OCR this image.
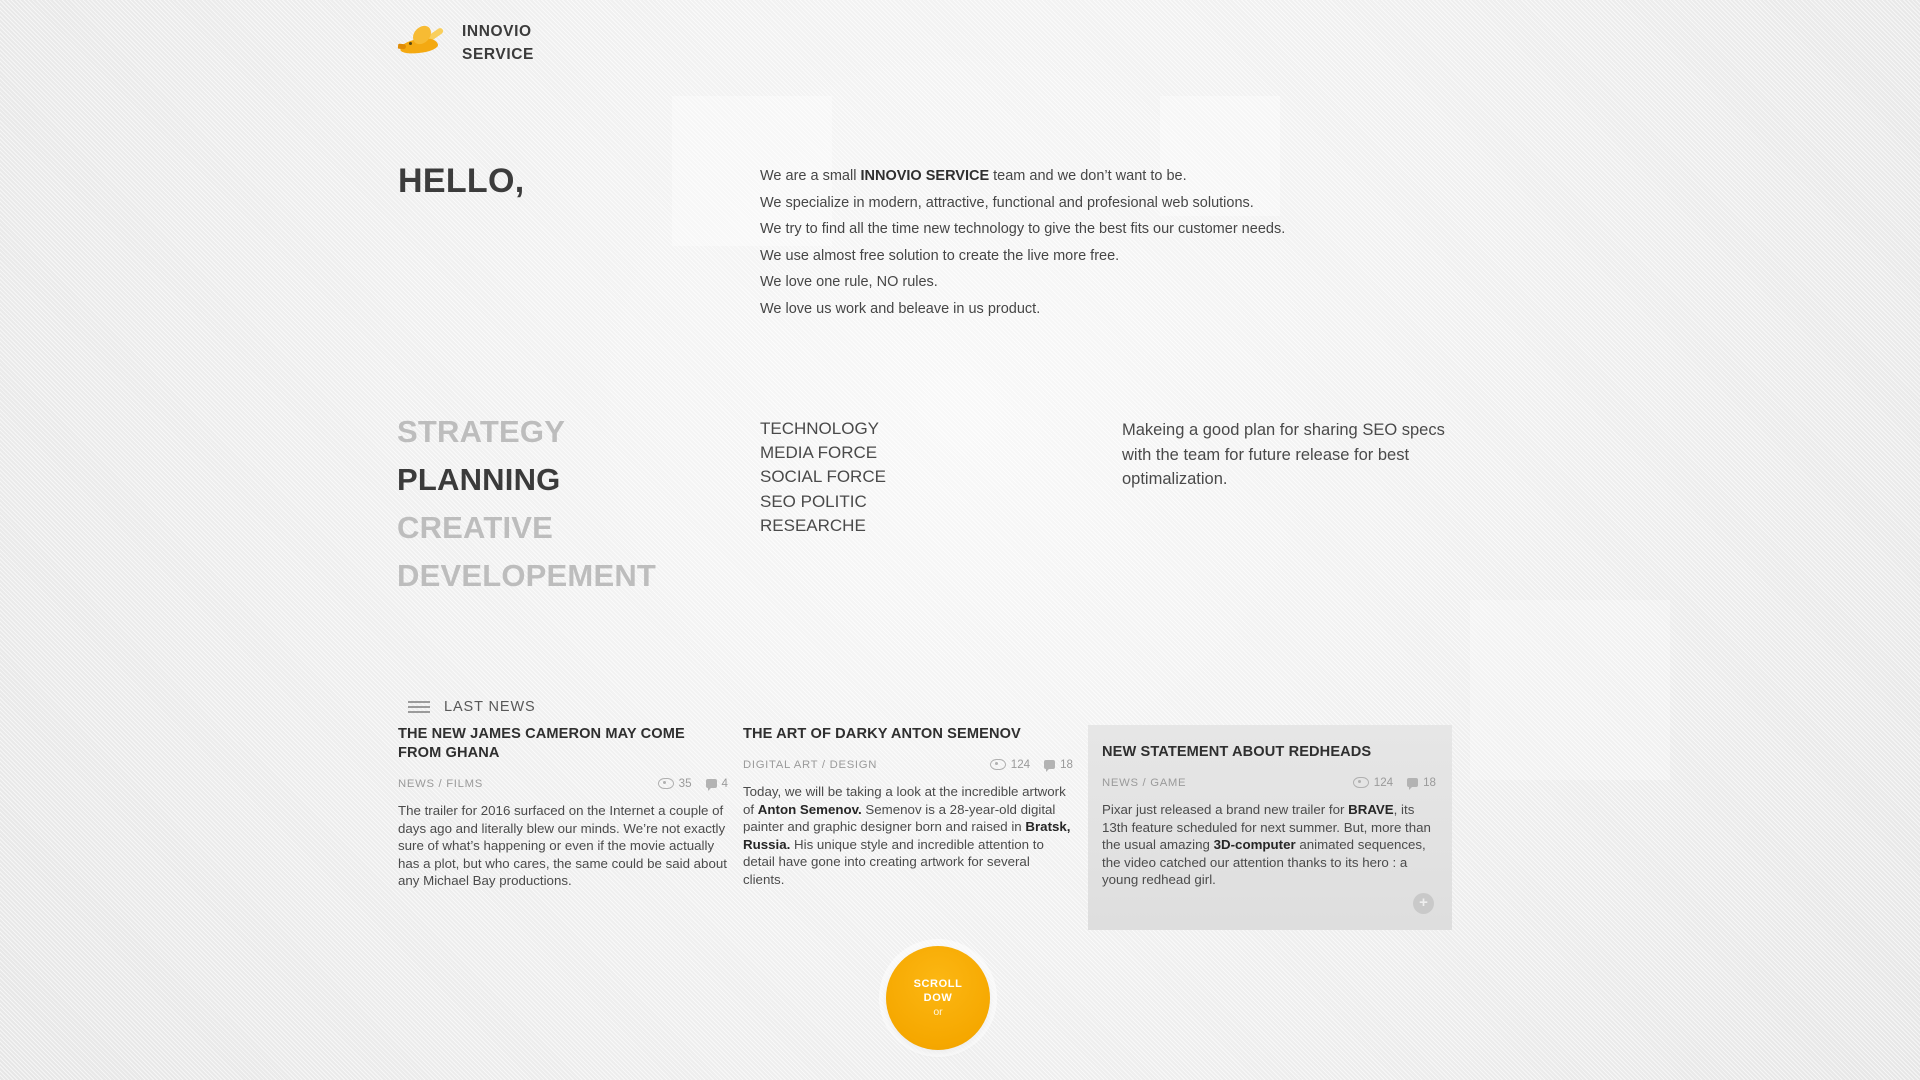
INNOVIO
SERVICE
HELLO,	We are a small INNOVIO SERVICE team and we don’t want to be.

We specialize in modern, attractive, functional and profesional web solutions.

We try to find all the time new technology to give the best fits our customer needs.

We use almost free solution to create the live more free.

We love one rule, NO rules.

We love us work and beleave in us product.

STRATEGY
PLANNING
CREATIVE
DEVELOPEMENT
TECHNOLOGY
MEDIA FORCE
SOCIAL FORCE
SEO POLITIC
RESEARCHE
Makeing a good plan for sharing SEO specs with the team for future release for best optimalization.
LAST NEWS
THE NEW JAMES CAMERON MAY COME FROM GHANA
NEWS / FILMS	35	4

The trailer for 2016 surfaced on the Internet a couple of days ago and literally blew our minds. We’re not exactly sure of what’s happening or even if the movie actually has a plot, but who cares, the same could be said about any Michael Bay productions.

THE ART OF DARKY ANTON SEMENOV
DIGITAL ART / DESIGN	124	18

Today, we will be taking a look at the incredible artwork of Anton Semenov. Semenov is a 28-year-old digital painter and graphic designer born and raised in Bratsk, Russia. His unique style and incredible attention to detail have gone into creating artwork for several clients.

NEW STATEMENT ABOUT REDHEADS
NEWS / GAME	124	18

Pixar just released a brand new trailer for BRAVE, its 13th feature scheduled for next summer. But, more than the usual amazing 3D-computer animated sequences, the video catched our attention thanks to its hero : a young redhead girl.

+
SCROLL
DOW
or
